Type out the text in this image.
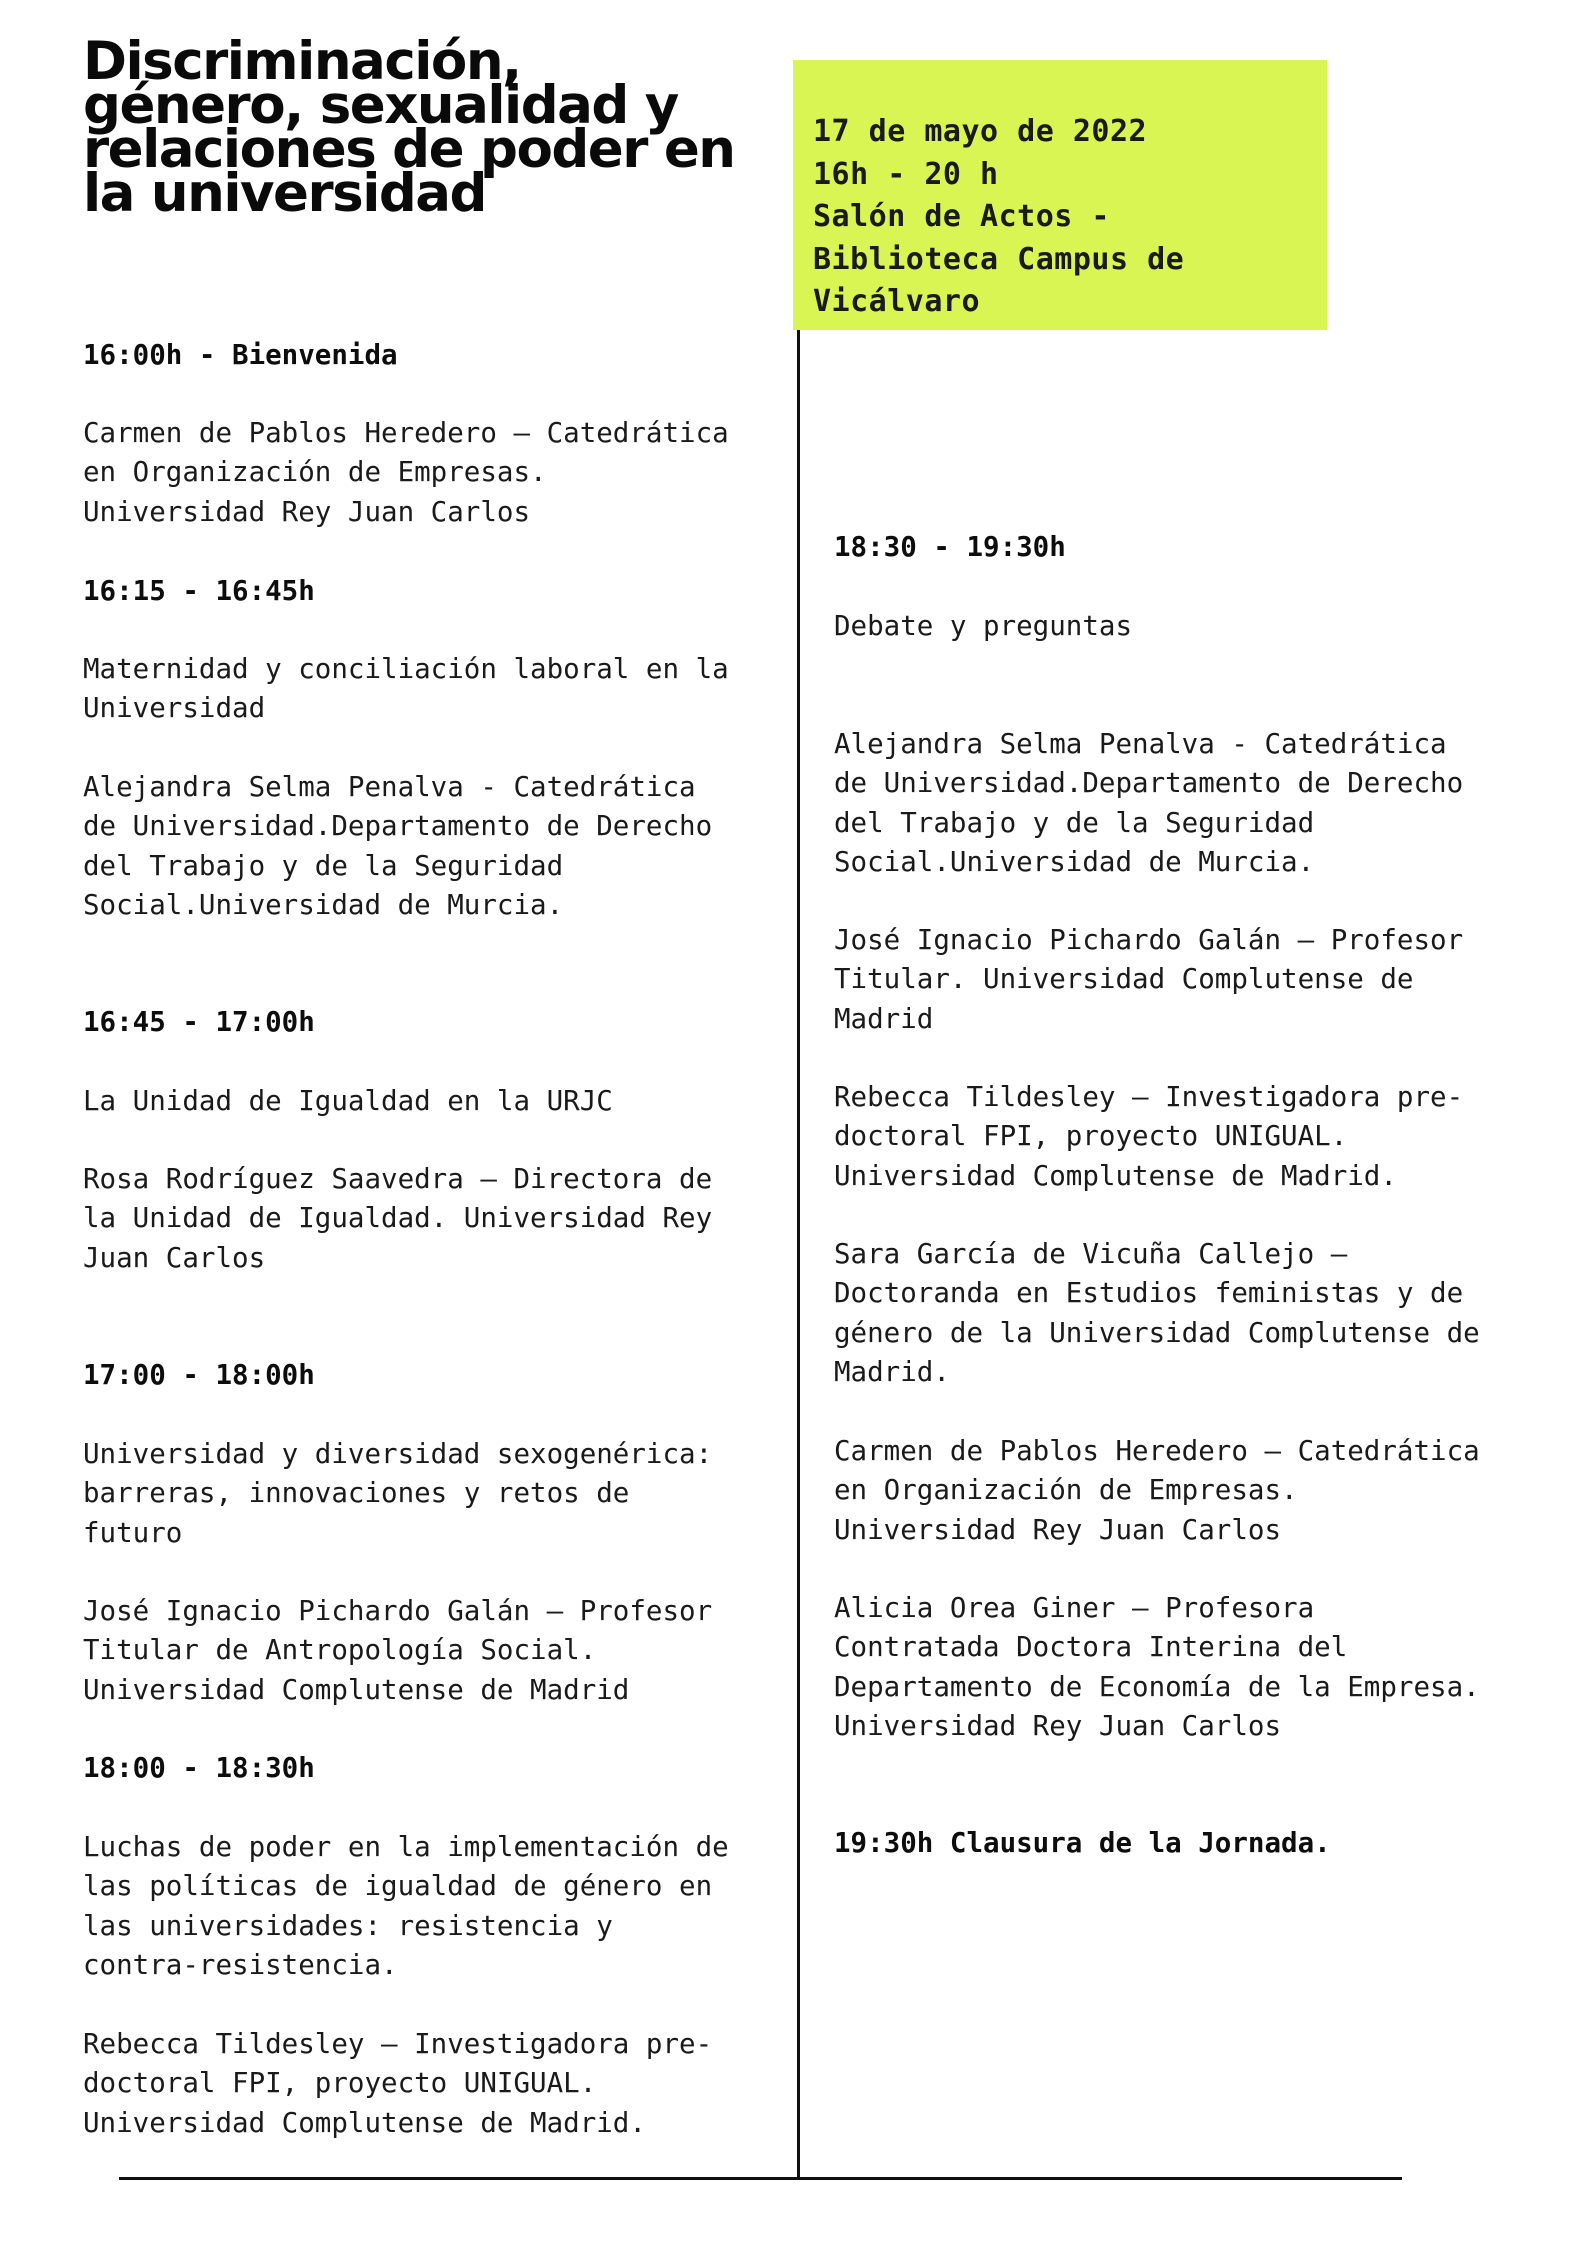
Discriminación,
género, sexualidad y
relaciones de poder en
la universidad
17 de mayo de 2022
16h - 20 h
Salón de Actos -
Biblioteca Campus de
Vicálvaro
16:00h - Bienvenida
Carmen de Pablos Heredero – Catedrática
en Organización de Empresas.
Universidad Rey Juan Carlos
16:15 - 16:45h
Maternidad y conciliación laboral en la
Universidad
Alejandra Selma Penalva - Catedrática
de Universidad.Departamento de Derecho
del Trabajo y de la Seguridad
Social.Universidad de Murcia.
16:45 - 17:00h
La Unidad de Igualdad en la URJC
Rosa Rodríguez Saavedra – Directora de
la Unidad de Igualdad. Universidad Rey
Juan Carlos
17:00 - 18:00h
Universidad y diversidad sexogenérica:
barreras, innovaciones y retos de
futuro
José Ignacio Pichardo Galán – Profesor
Titular de Antropología Social.
Universidad Complutense de Madrid
18:00 - 18:30h
Luchas de poder en la implementación de
las políticas de igualdad de género en
las universidades: resistencia y
contra-resistencia.
Rebecca Tildesley – Investigadora pre-
doctoral FPI, proyecto UNIGUAL.
Universidad Complutense de Madrid.
18:30 - 19:30h
Debate y preguntas
Alejandra Selma Penalva - Catedrática
de Universidad.Departamento de Derecho
del Trabajo y de la Seguridad
Social.Universidad de Murcia.
José Ignacio Pichardo Galán – Profesor
Titular. Universidad Complutense de
Madrid
Rebecca Tildesley – Investigadora pre-
doctoral FPI, proyecto UNIGUAL.
Universidad Complutense de Madrid.
Sara García de Vicuña Callejo –
Doctoranda en Estudios feministas y de
género de la Universidad Complutense de
Madrid.
Carmen de Pablos Heredero – Catedrática
en Organización de Empresas.
Universidad Rey Juan Carlos
Alicia Orea Giner – Profesora
Contratada Doctora Interina del
Departamento de Economía de la Empresa.
Universidad Rey Juan Carlos
19:30h Clausura de la Jornada.
